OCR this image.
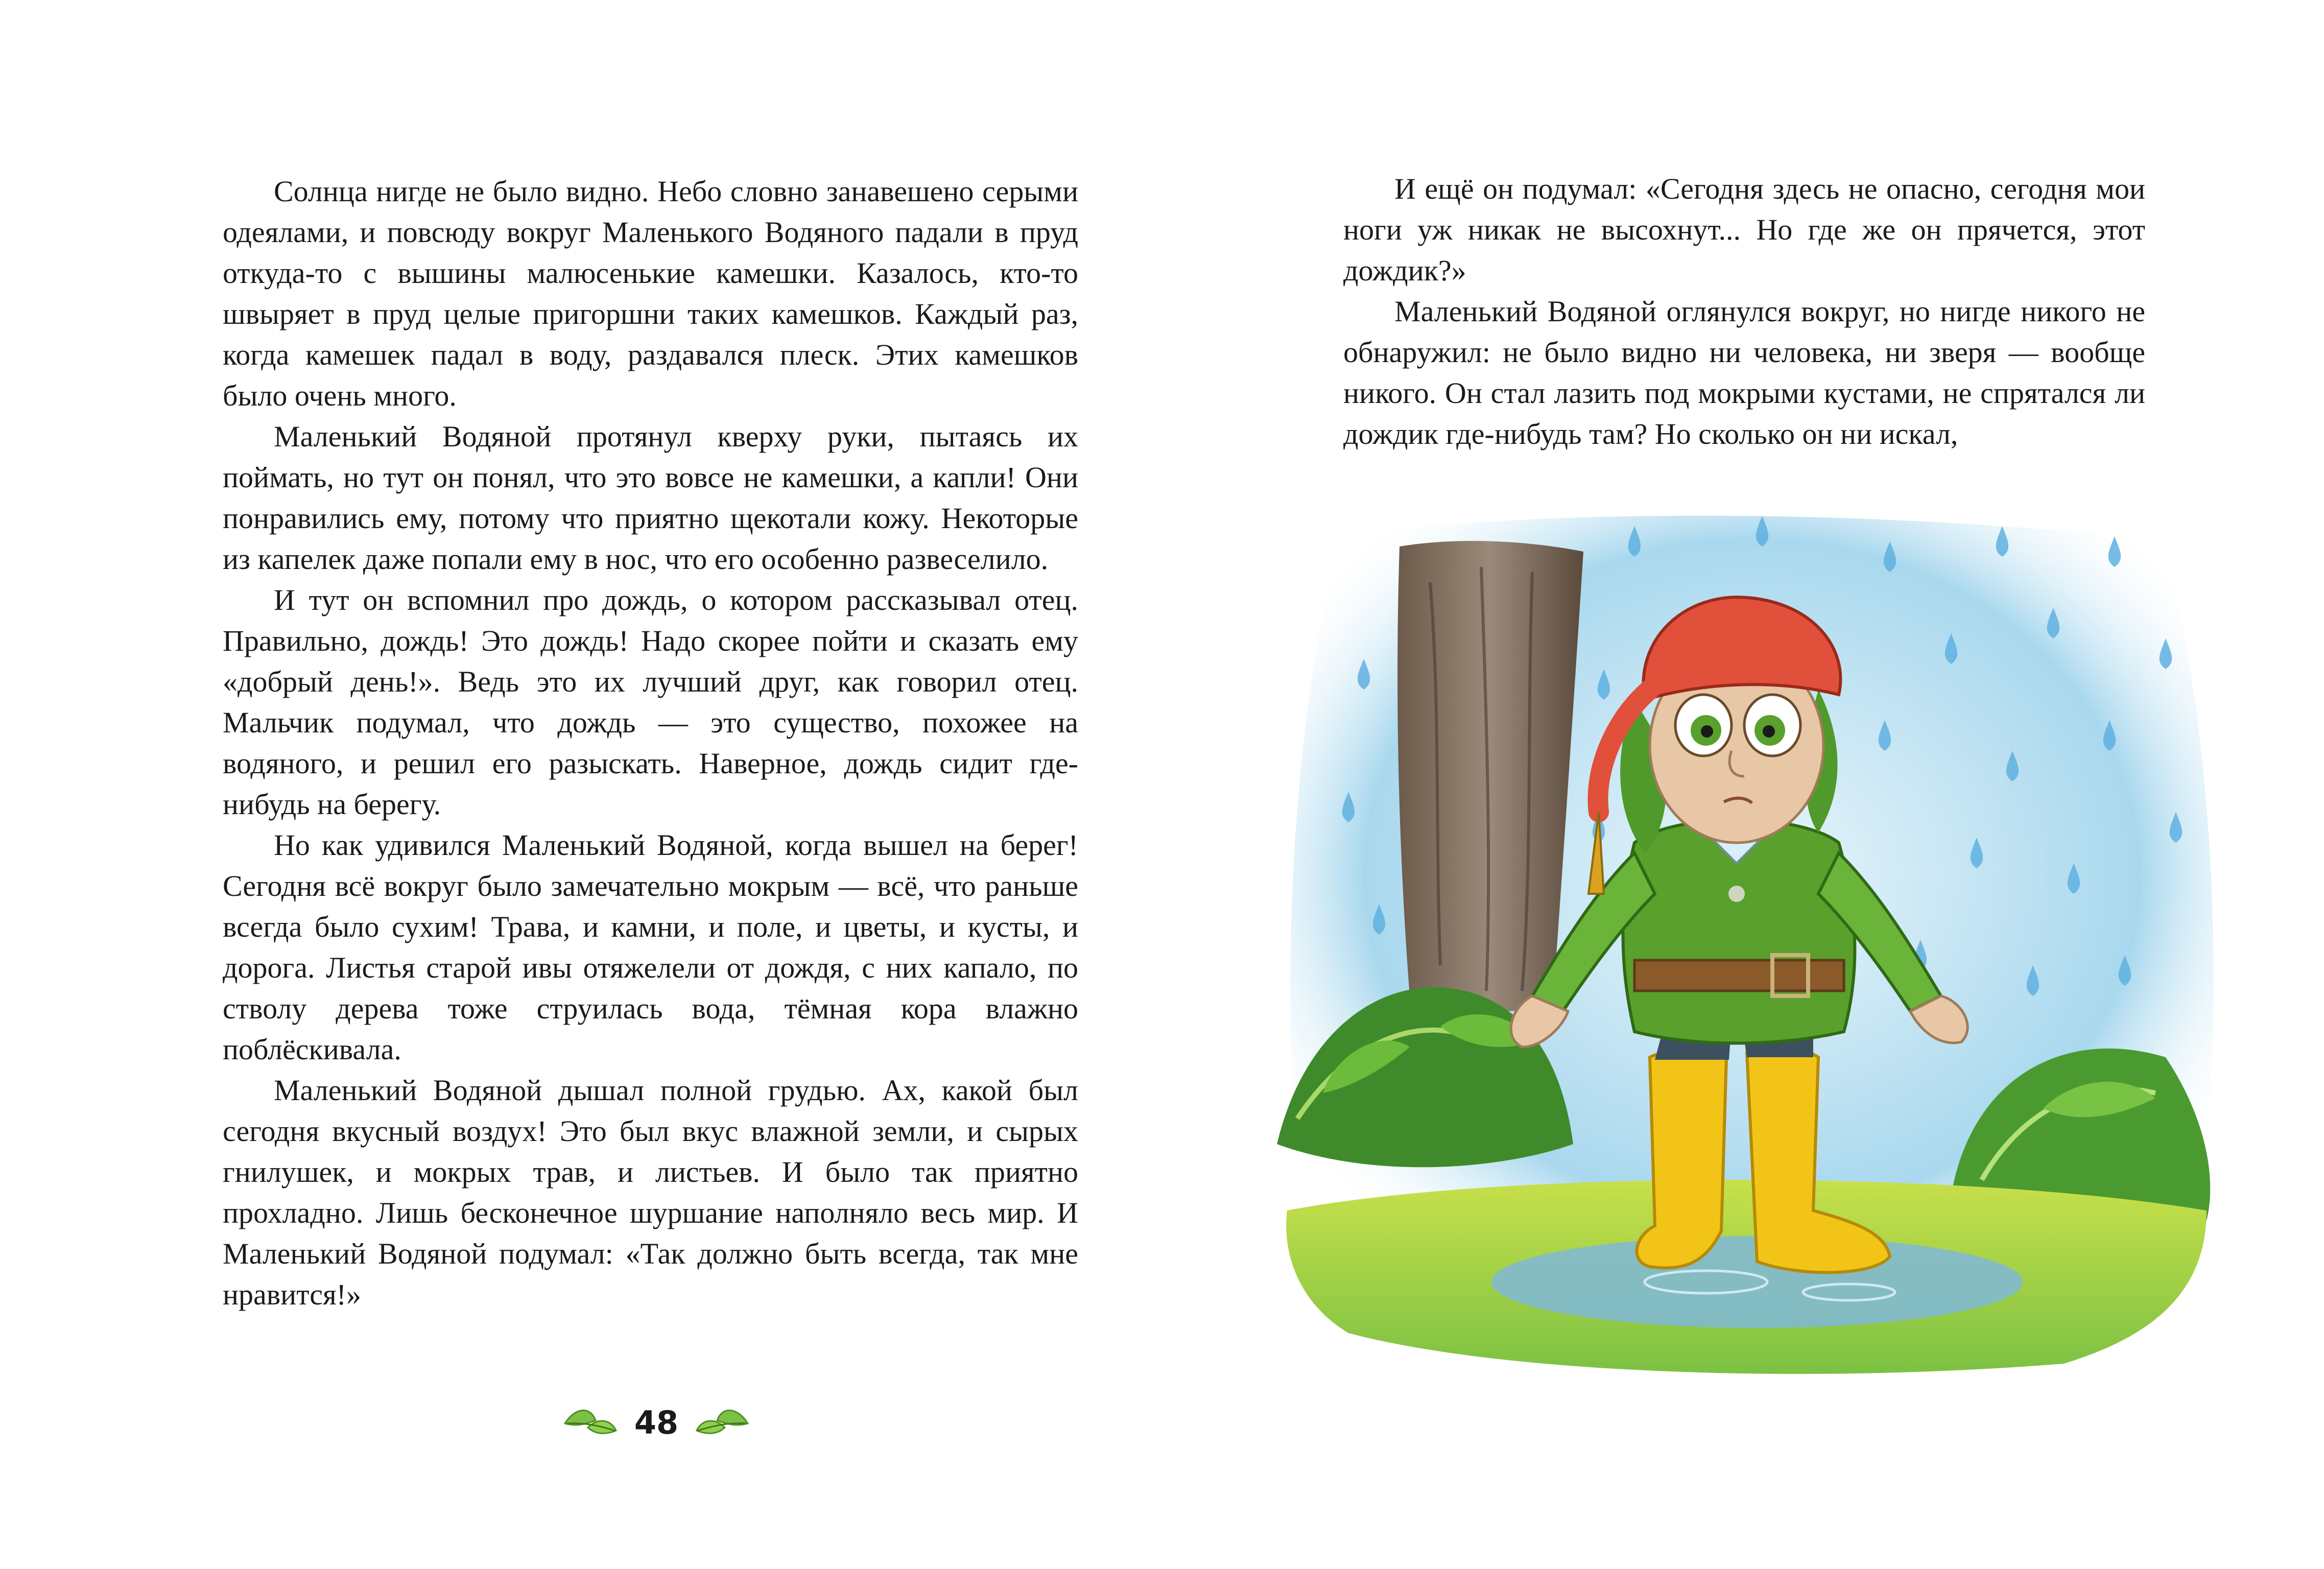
Солнца нигде не было видно. Небо словно занавешено серыми одеялами, и повсюду вокруг Маленького Водяного падали в пруд откуда-то с вышины малюсенькие камешки. Казалось, кто-то швыряет в пруд целые пригоршни таких камешков. Каждый раз, когда камешек падал в воду, раздавался плеск. Этих камешков было очень много.

Маленький Водяной протянул кверху руки, пытаясь их поймать, но тут он понял, что это вовсе не камешки, а капли! Они понравились ему, потому что приятно щекотали кожу. Некоторые из капелек даже попали ему в нос, что его особенно развеселило.

И тут он вспомнил про дождь, о котором рассказывал отец. Правильно, дождь! Это дождь! Надо скорее пойти и сказать ему «добрый день!». Ведь это их лучший друг, как говорил отец. Мальчик подумал, что дождь — это существо, похожее на водяного, и решил его разыскать. Наверное, дождь сидит где-нибудь на берегу.

Но как удивился Маленький Водяной, когда вышел на берег! Сегодня всё вокруг было замечательно мокрым — всё, что раньше всегда было сухим! Трава, и камни, и поле, и цветы, и кусты, и дорога. Листья старой ивы отяжелели от дождя, с них капало, по стволу дерева тоже струилась вода, тёмная кора влажно поблёскивала.

Маленький Водяной дышал полной грудью. Ах, какой был сегодня вкусный воздух! Это был вкус влажной земли, и сырых гнилушек, и мокрых трав, и листьев. И было так приятно прохладно. Лишь бесконечное шуршание наполняло весь мир. И Маленький Водяной подумал: «Так должно быть всегда, так мне нравится!»

48

И ещё он подумал: «Сегодня здесь не опасно, сегодня мои ноги уж никак не высохнут... Но где же он прячется, этот дождик?»

Маленький Водяной оглянулся вокруг, но нигде никого не обнаружил: не было видно ни человека, ни зверя — вообще никого. Он стал лазить под мокрыми кустами, не спрятался ли дождик где-нибудь там? Но сколько он ни искал,
